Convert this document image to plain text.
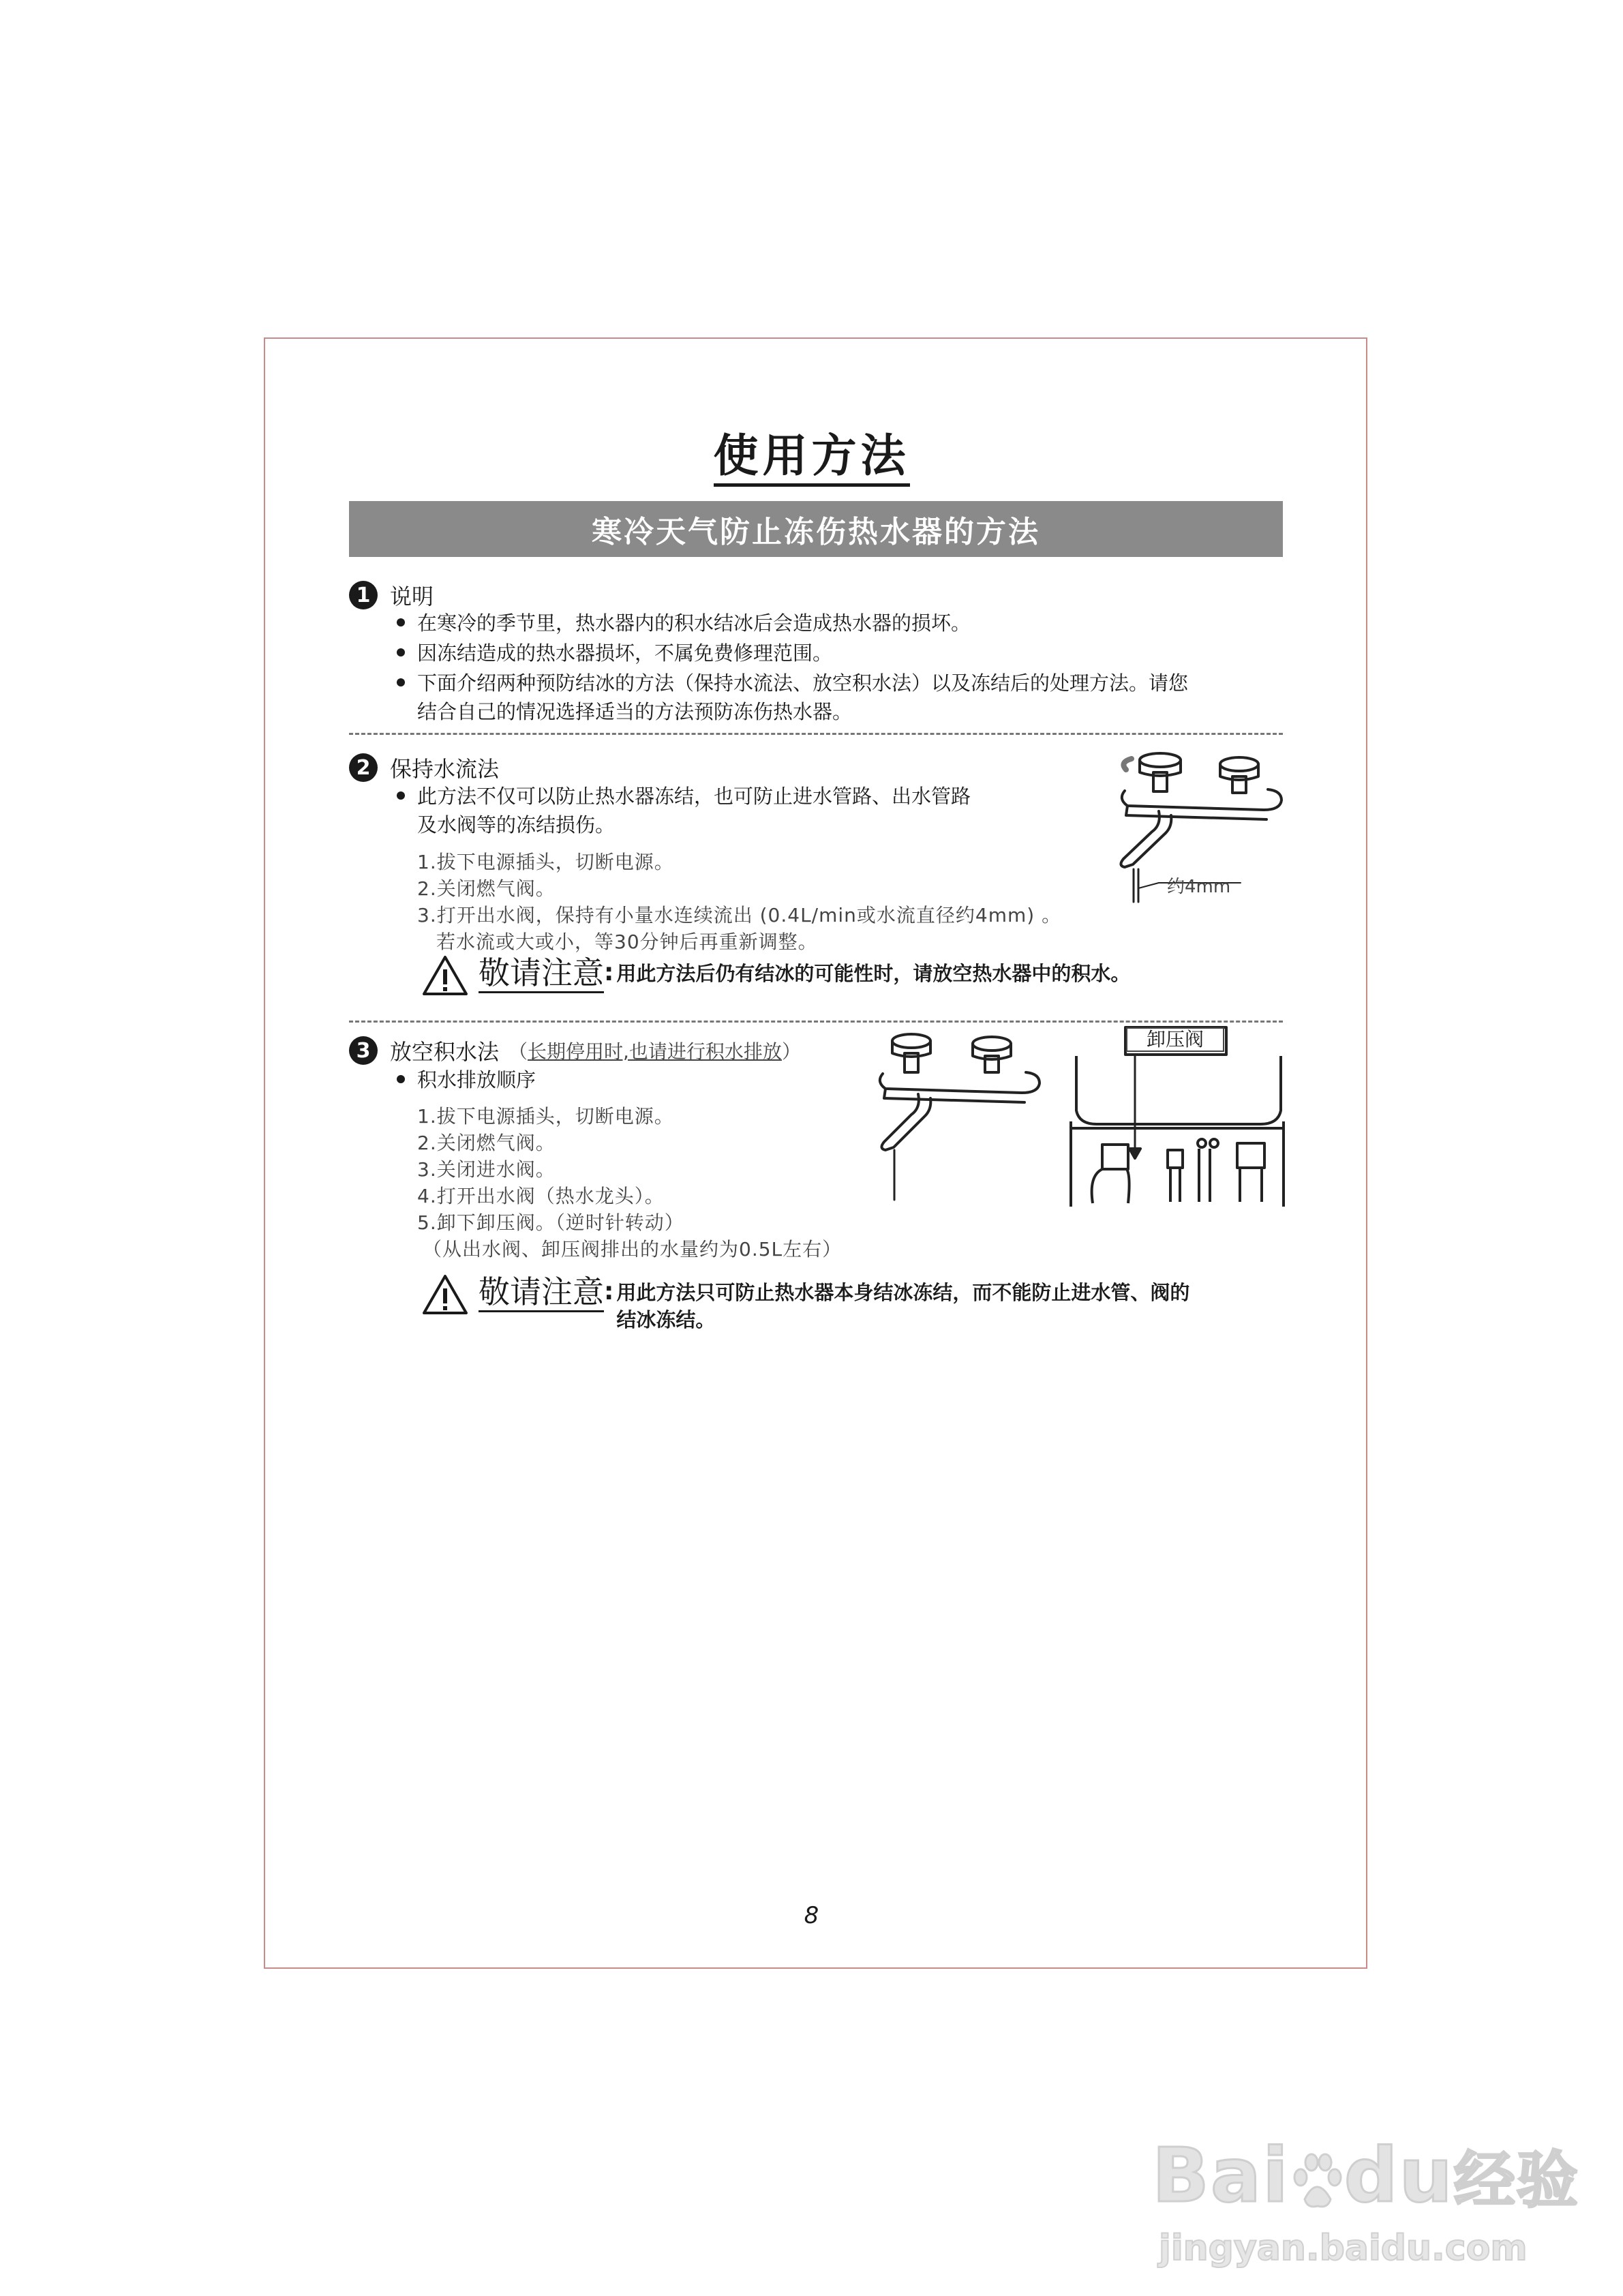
使用方法
寒冷天气防止冻伤热水器的方法
1 说明
在寒冷的季节里，热水器内的积水结冰后会造成热水器的损坏。
因冻结造成的热水器损坏，不属免费修理范围。
下面介绍两种预防结冰的方法（保持水流法、放空积水法）以及冻结后的处理方法。请您
结合自己的情况选择适当的方法预防冻伤热水器。
2 保持水流法
此方法不仅可以防止热水器冻结，也可防止进水管路、出水管路
及水阀等的冻结损伤。
1.拔下电源插头，切断电源。
2.关闭燃气阀。
3.打开出水阀，保持有小量水连续流出 (0.4L/min或水流直径约4mm) 。
若水流或大或小，等30分钟后再重新调整。
约4mm
敬请注意 : 用此方法后仍有结冰的可能性时，请放空热水器中的积水。
3 放空积水法 （长期停用时,也请进行积水排放）
积水排放顺序
1.拔下电源插头，切断电源。
2.关闭燃气阀。
3.关闭进水阀。
4.打开出水阀（热水龙头）。
5.卸下卸压阀。（逆时针转动）
（从出水阀、卸压阀排出的水量约为0.5L左右）
卸压阀
敬请注意 : 用此方法只可防止热水器本身结冰冻结，而不能防止进水管、阀的
结冰冻结。
8
Bai du经验
jingyan.baidu.com
